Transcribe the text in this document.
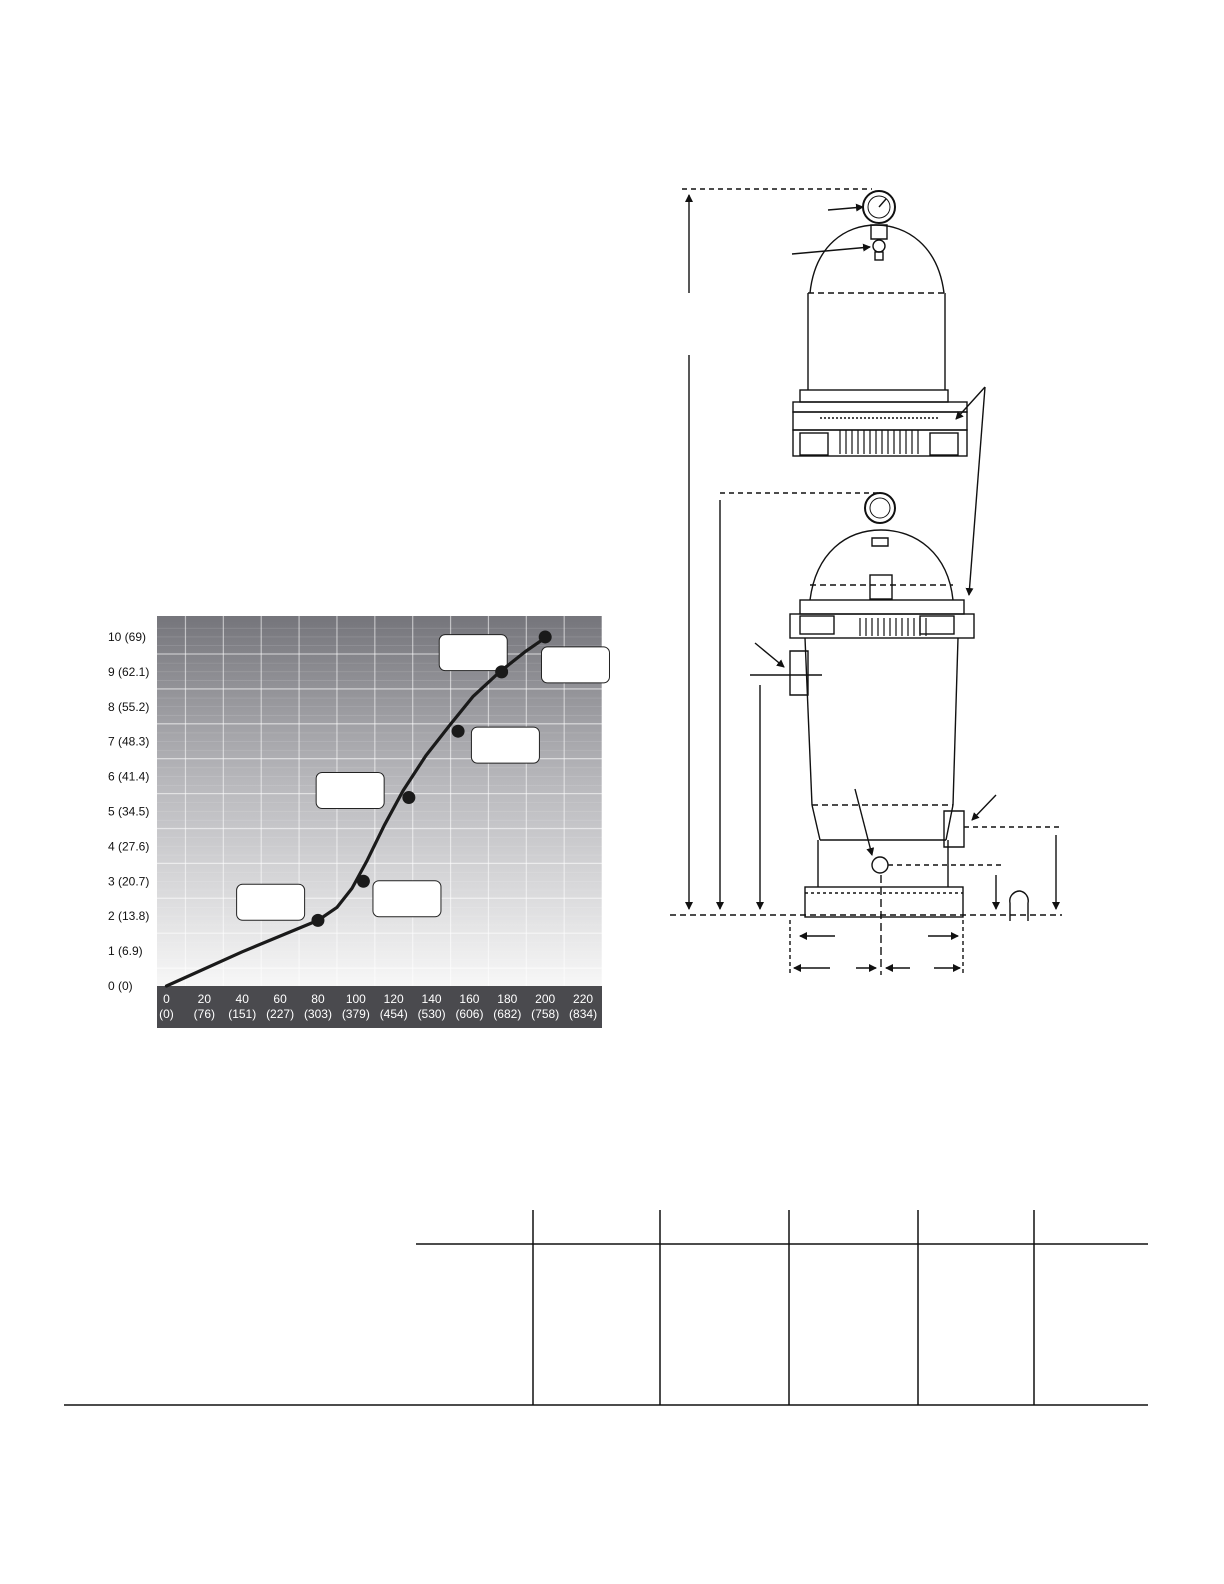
0 (0)
1 (6.9)
2 (13.8)
3 (20.7)
4 (27.6)
5 (34.5)
6 (41.4)
7 (48.3)
8 (55.2)
9 (62.1)
10 (69)
0
(0)
20
(76)
40
(151)
60
(227)
80
(303)
100
(379)
120
(454)
140
(530)
160
(606)
180
(682)
200
(758)
220
(834)
